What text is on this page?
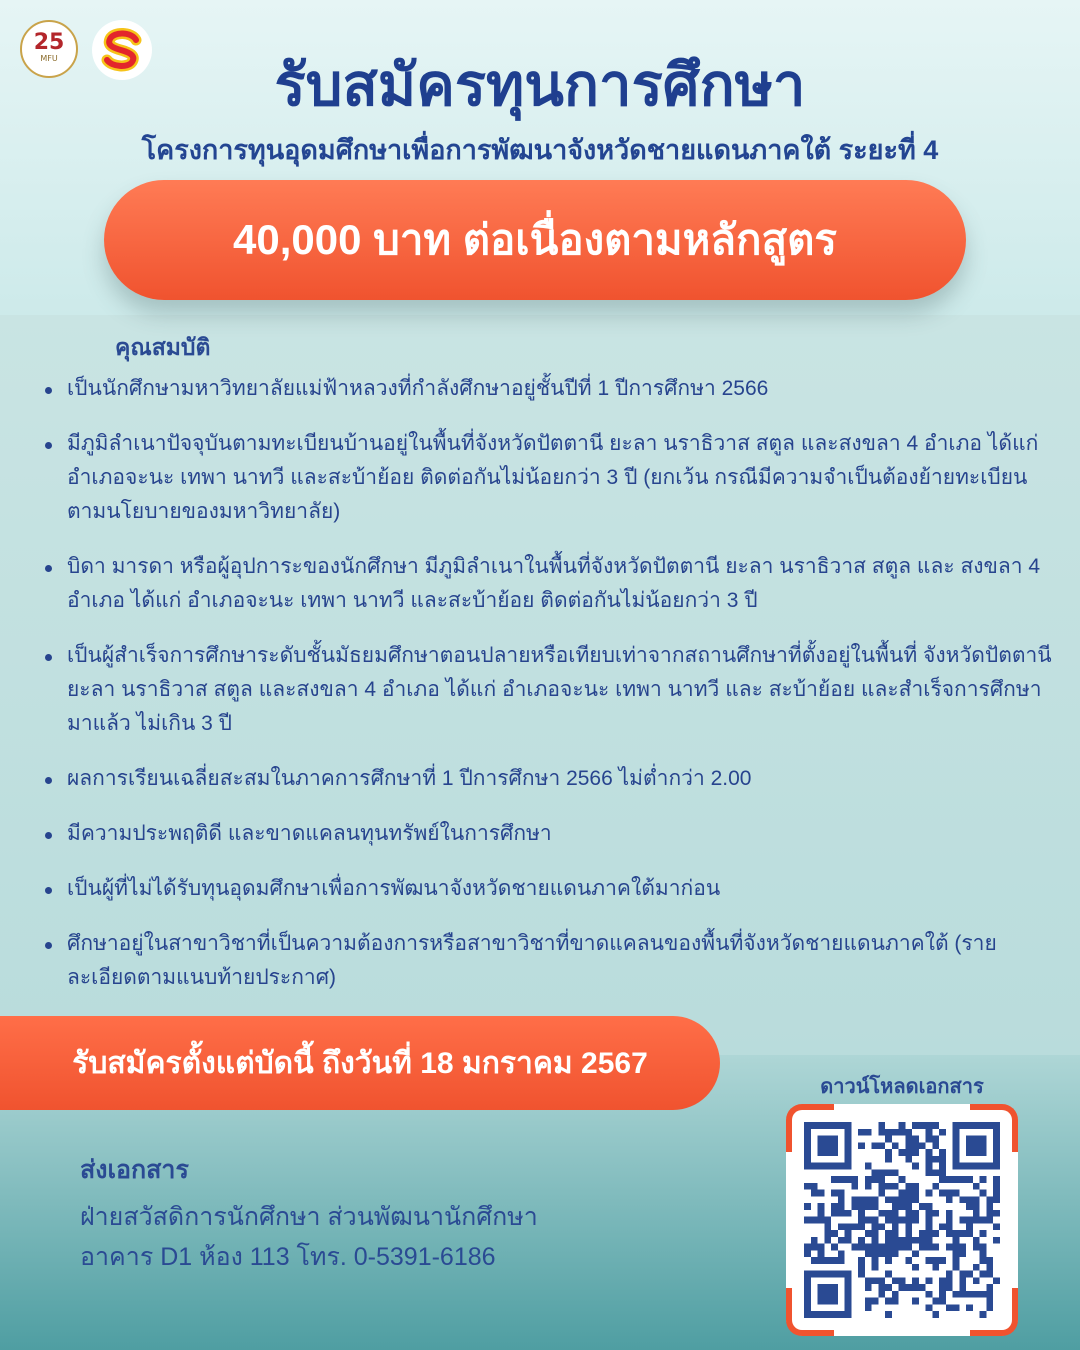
25
MFU	รับสมัครทุนการศึกษา
โครงการทุนอุดมศึกษาเพื่อการพัฒนาจังหวัดชายแดนภาคใต้ ระยะที่ 4
40,000 บาท ต่อเนื่องตามหลักสูตร
คุณสมบัติ
เป็นนักศึกษามหาวิทยาลัยแม่ฟ้าหลวงที่กำลังศึกษาอยู่ชั้นปีที่ 1 ปีการศึกษา 2566
มีภูมิลำเนาปัจจุบันตามทะเบียนบ้านอยู่ในพื้นที่จังหวัดปัตตานี ยะลา นราธิวาส สตูล และสงขลา 4 อำเภอ ได้แก่ อำเภอจะนะ เทพา นาทวี และสะบ้าย้อย ติดต่อกันไม่น้อยกว่า 3 ปี (ยกเว้น กรณีมีความจำเป็นต้องย้ายทะเบียนตามนโยบายของมหาวิทยาลัย)
บิดา มารดา หรือผู้อุปการะของนักศึกษา มีภูมิลำเนาในพื้นที่จังหวัดปัตตานี ยะลา นราธิวาส สตูล และ สงขลา 4 อำเภอ ได้แก่ อำเภอจะนะ เทพา นาทวี และสะบ้าย้อย ติดต่อกันไม่น้อยกว่า 3 ปี
เป็นผู้สำเร็จการศึกษาระดับชั้นมัธยมศึกษาตอนปลายหรือเทียบเท่าจากสถานศึกษาที่ตั้งอยู่ในพื้นที่ จังหวัดปัตตานี ยะลา นราธิวาส สตูล และสงขลา 4 อำเภอ ได้แก่ อำเภอจะนะ เทพา นาทวี และ สะบ้าย้อย และสำเร็จการศึกษามาแล้ว ไม่เกิน 3 ปี
ผลการเรียนเฉลี่ยสะสมในภาคการศึกษาที่ 1 ปีการศึกษา 2566 ไม่ต่ำกว่า 2.00
มีความประพฤติดี และขาดแคลนทุนทรัพย์ในการศึกษา
เป็นผู้ที่ไม่ได้รับทุนอุดมศึกษาเพื่อการพัฒนาจังหวัดชายแดนภาคใต้มาก่อน
ศึกษาอยู่ในสาขาวิชาที่เป็นความต้องการหรือสาขาวิชาที่ขาดแคลนของพื้นที่จังหวัดชายแดนภาคใต้ (รายละเอียดตามแนบท้ายประกาศ)
รับสมัครตั้งแต่บัดนี้ ถึงวันที่ 18 มกราคม 2567
ส่งเอกสาร
ฝ่ายสวัสดิการนักศึกษา ส่วนพัฒนานักศึกษา
อาคาร D1 ห้อง 113 โทร. 0-5391-6186
ดาวน์โหลดเอกสาร
